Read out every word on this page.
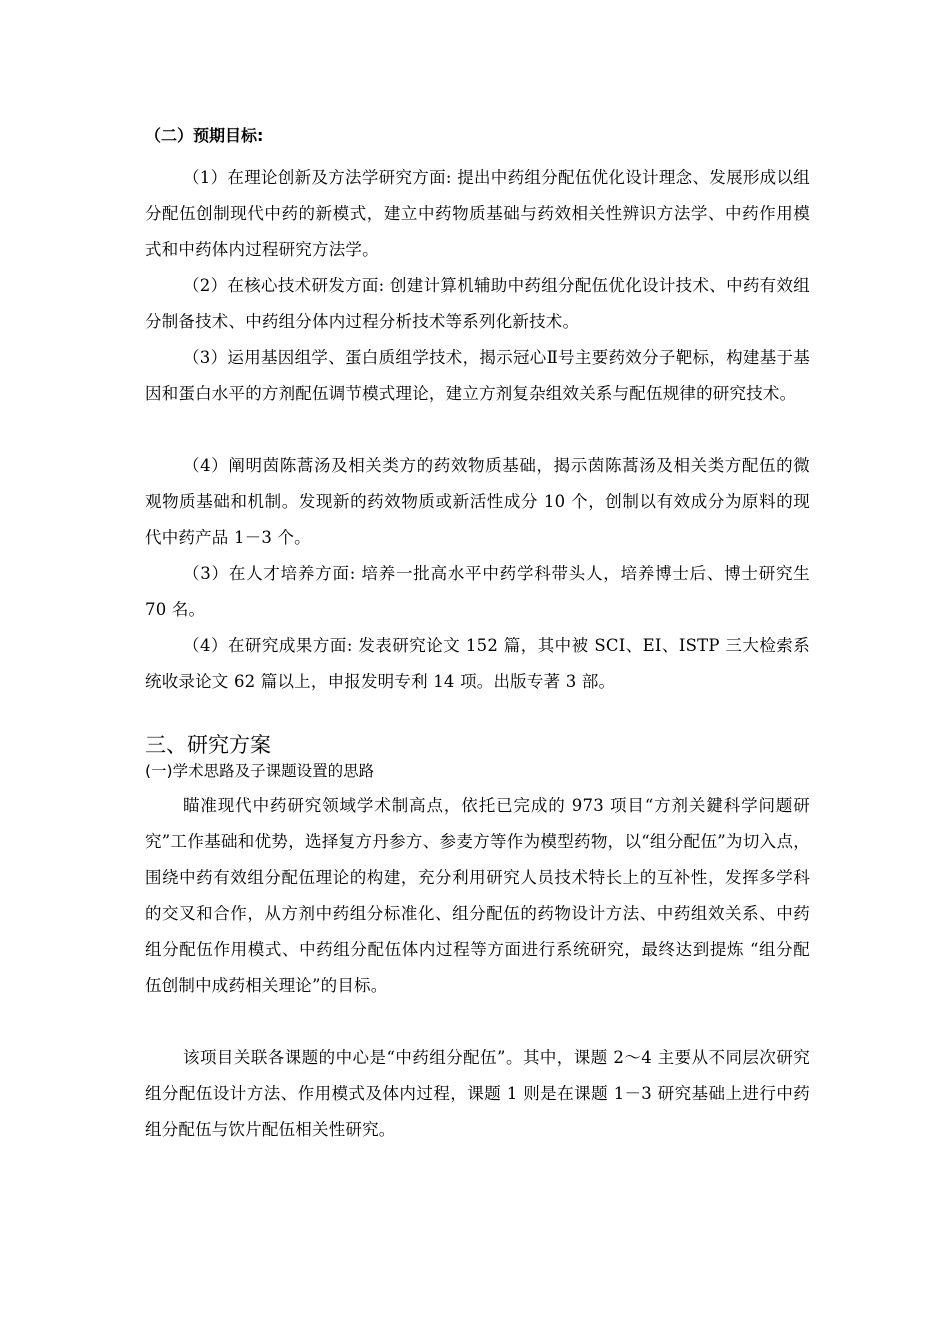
（二）预期目标:

（1）在理论创新及方法学研究方面: 提出中药组分配伍优化设计理念、发展形成以组分配伍创制现代中药的新模式，建立中药物质基础与药效相关性辨识方法学、中药作用模式和中药体内过程研究方法学。

（2）在核心技术研发方面: 创建计算机辅助中药组分配伍优化设计技术、中药有效组分制备技术、中药组分体内过程分析技术等系列化新技术。

（3）运用基因组学、蛋白质组学技术，揭示冠心Ⅱ号主要药效分子靶标，构建基于基因和蛋白水平的方剂配伍调节模式理论，建立方剂复杂组效关系与配伍规律的研究技术。

（4）阐明茵陈蒿汤及相关类方的药效物质基础，揭示茵陈蒿汤及相关类方配伍的微观物质基础和机制。发现新的药效物质或新活性成分 10 个，创制以有效成分为原料的现代中药产品 1－3 个。

（3）在人才培养方面: 培养一批高水平中药学科带头人，培养博士后、博士研究生 70 名。

（4）在研究成果方面: 发表研究论文 152 篇，其中被 SCI、EI、ISTP 三大检索系统收录论文 62 篇以上，申报发明专利 14 项。出版专著 3 部。

三、研究方案

(一)学术思路及子课题设置的思路

瞄准现代中药研究领域学术制高点，依托已完成的 973 项目“方剂关鍵科学问题研究”工作基础和优势，选择复方丹参方、参麦方等作为模型药物，以“组分配伍”为切入点，围绕中药有效组分配伍理论的构建，充分利用研究人员技术特长上的互补性，发挥多学科的交叉和合作，从方剂中药组分标准化、组分配伍的药物设计方法、中药组效关系、中药组分配伍作用模式、中药组分配伍体内过程等方面进行系统研究，最终达到提炼 “组分配伍创制中成药相关理论”的目标。

该项目关联各课题的中心是“中药组分配伍”。其中，课题 2～4 主要从不同层次研究组分配伍设计方法、作用模式及体内过程，课题 1 则是在课题 1－3 研究基础上进行中药组分配伍与饮片配伍相关性研究。
